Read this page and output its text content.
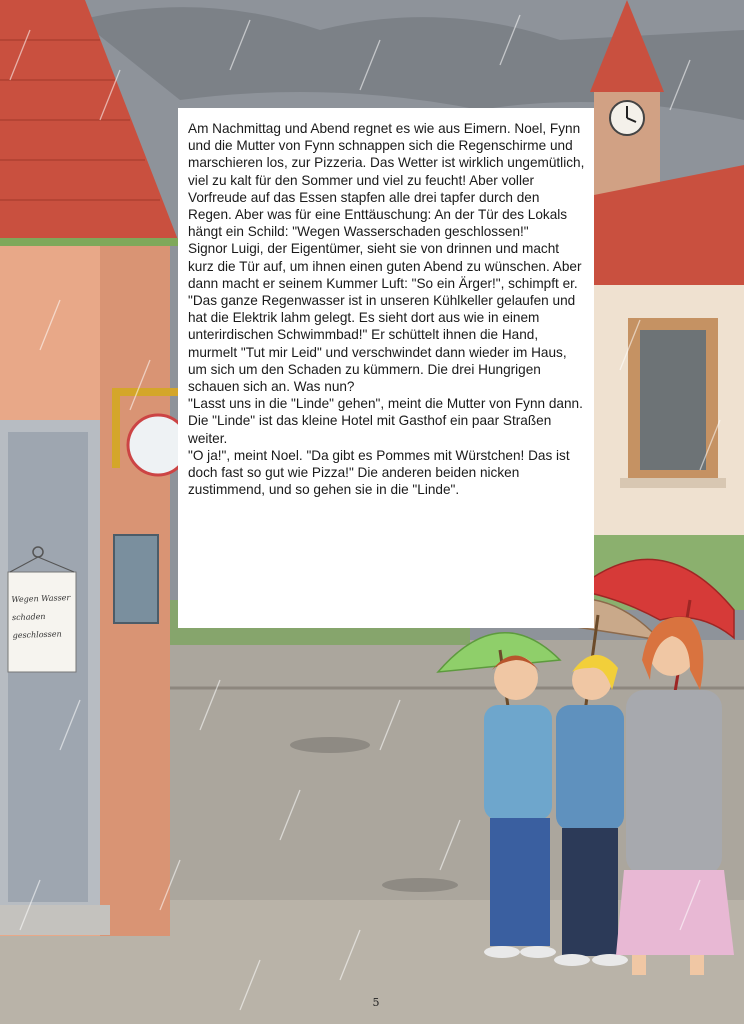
Wegen Wasser
schaden
geschlossen

Am Nachmittag und Abend regnet es wie aus Eimern. Noel, Fynn und die Mutter von Fynn schnappen sich die Regenschirme und marschieren los, zur Pizzeria. Das Wetter ist wirklich ungemütlich, viel zu kalt für den Sommer und viel zu feucht! Aber voller Vorfreude auf das Essen stapfen alle drei tapfer durch den Regen. Aber was für eine Enttäuschung: An der Tür des Lokals hängt ein Schild: "Wegen Wasserschaden geschlossen!"

Signor Luigi, der Eigentümer, sieht sie von drinnen und macht kurz die Tür auf, um ihnen einen guten Abend zu wünschen. Aber dann macht er seinem Kummer Luft: "So ein Ärger!", schimpft er. "Das ganze Regenwasser ist in unseren Kühlkeller gelaufen und hat die Elektrik lahm gelegt. Es sieht dort aus wie in einem unterirdischen Schwimmbad!" Er schüttelt ihnen die Hand, murmelt "Tut mir Leid" und verschwindet dann wieder im Haus, um sich um den Schaden zu kümmern. Die drei Hungrigen schauen sich an. Was nun?

"Lasst uns in die "Linde" gehen", meint die Mutter von Fynn dann. Die "Linde" ist das kleine Hotel mit Gasthof ein paar Straßen weiter.

"O ja!", meint Noel. "Da gibt es Pommes mit Würstchen! Das ist doch fast so gut wie Pizza!" Die anderen beiden nicken zustimmend, und so gehen sie in die "Linde".

5
